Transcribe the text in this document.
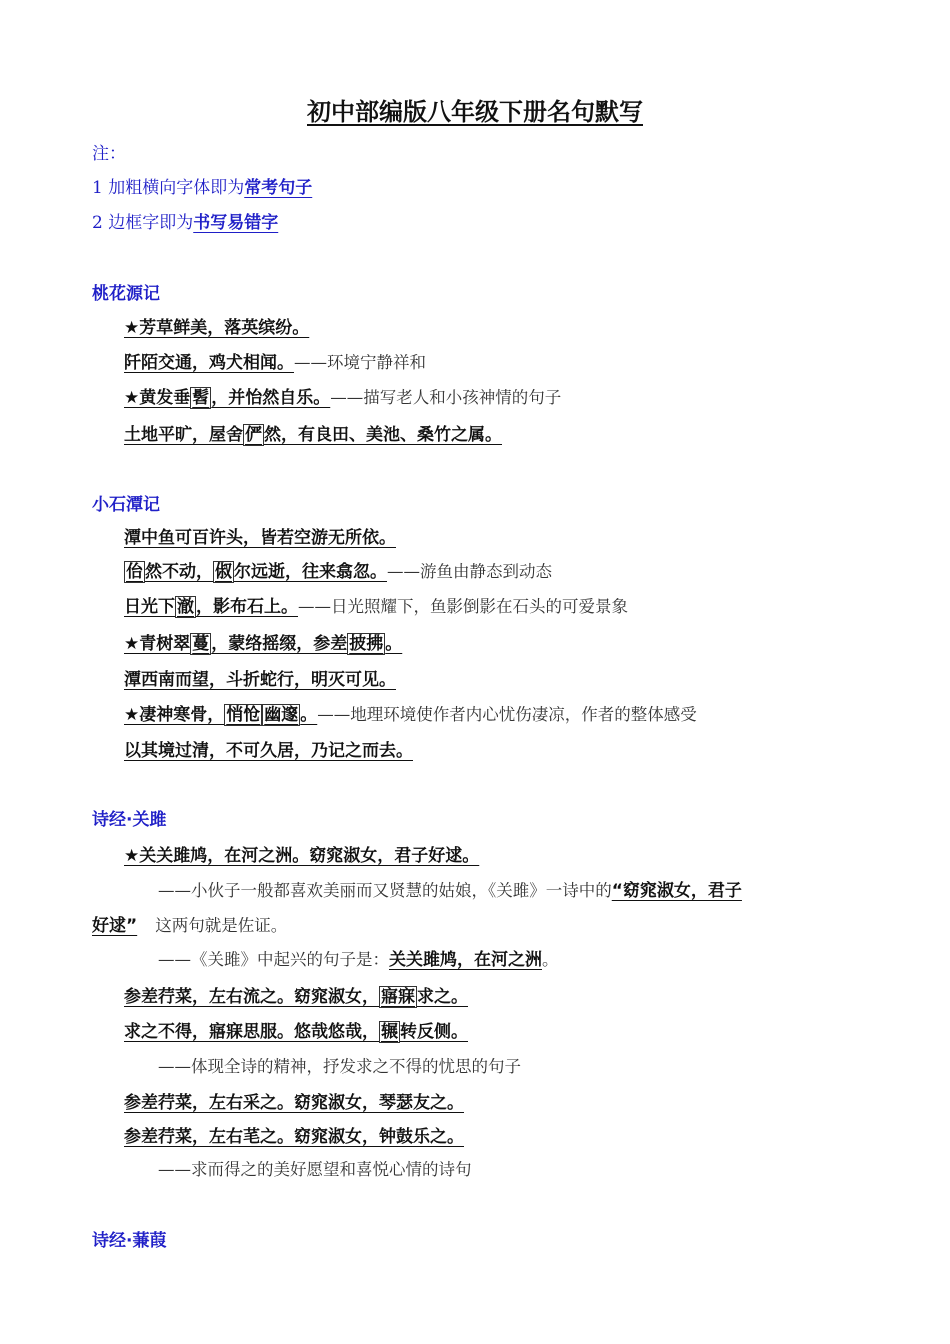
初中部编版八年级下册名句默写
注：
1 加粗横向字体即为常考句子
2 边框字即为书写易错字
桃花源记
★芳草鲜美，落英缤纷。
阡陌交通，鸡犬相闻。——环境宁静祥和
★黄发垂 髫 ，并怡然自乐。——描写老人和小孩神情的句子
土地平旷，屋舍 俨 然，有良田、美池、桑竹之属。
小石潭记
潭中鱼可百许头，皆若空游无所依。
佁 然不动， 俶 尔远逝，往来翕忽。——游鱼由静态到动态
日光下 澈 ，影布石上。——日光照耀下，鱼影倒影在石头的可爱景象
★青树翠 蔓 ，蒙络摇缀，参差 披拂 。
潭西南而望，斗折蛇行，明灭可见。
★凄神寒骨， 悄怆 幽邃 。——地理环境使作者内心忧伤凄凉，作者的整体感受
以其境过清，不可久居，乃记之而去。
诗经·关雎
★关关雎鸠，在河之洲。窈窕淑女，君子好逑。
——小伙子一般都喜欢美丽而又贤慧的姑娘，《关雎》一诗中的“窈窕淑女，君子
好逑” 这两句就是佐证。
——《关雎》中起兴的句子是：关关雎鸠，在河之洲。
参差荇菜，左右流之。窈窕淑女， 寤寐 求之。
求之不得，寤寐思服。悠哉悠哉， 辗 转反侧。
——体现全诗的精神，抒发求之不得的忧思的句子
参差荇菜，左右采之。窈窕淑女，琴瑟友之。
参差荇菜，左右芼之。窈窕淑女，钟鼓乐之。
——求而得之的美好愿望和喜悦心情的诗句
诗经·蒹葭
